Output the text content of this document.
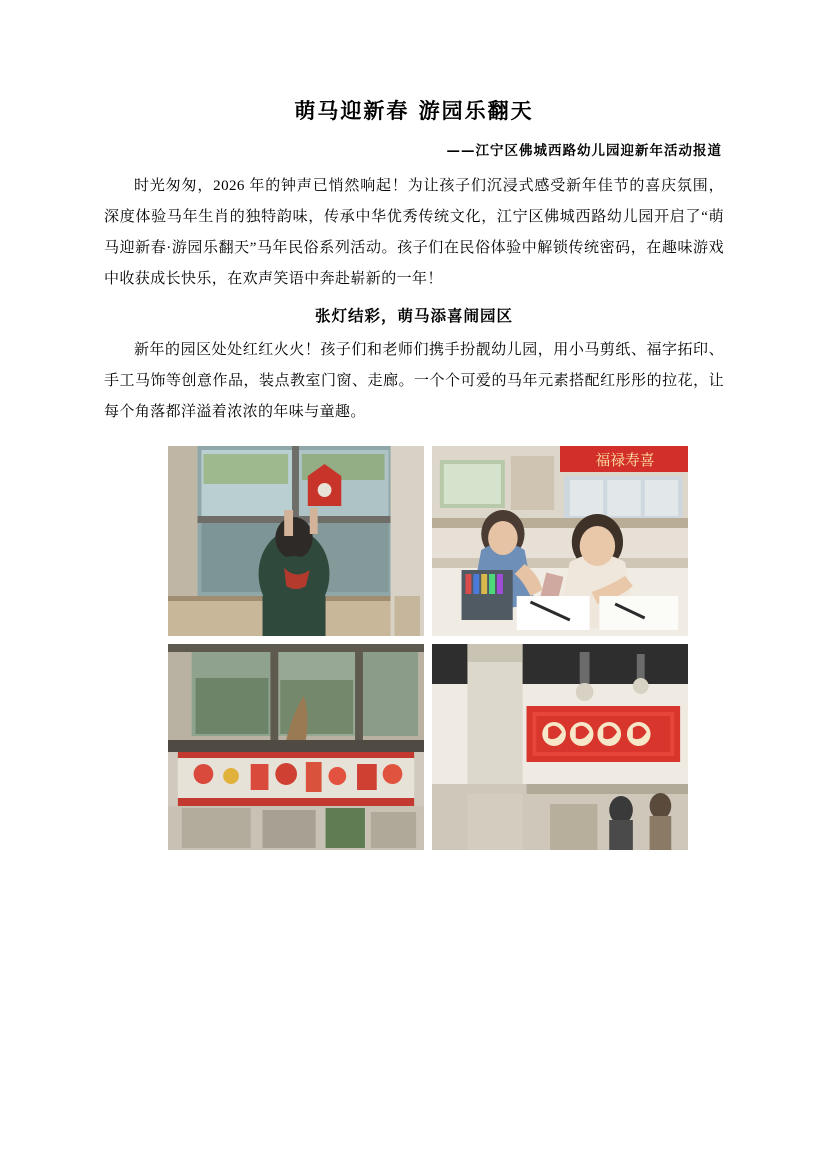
萌马迎新春 游园乐翻天
——江宁区佛城西路幼儿园迎新年活动报道

时光匆匆，2026 年的钟声已悄然响起！为让孩子们沉浸式感受新年佳节的喜庆氛围，深度体验马年生肖的独特韵味，传承中华优秀传统文化，江宁区佛城西路幼儿园开启了“萌马迎新春·游园乐翻天”马年民俗系列活动。孩子们在民俗体验中解锁传统密码，在趣味游戏中收获成长快乐，在欢声笑语中奔赴崭新的一年！

张灯结彩，萌马添喜闹园区

新年的园区处处红红火火！孩子们和老师们携手扮靓幼儿园，用小马剪纸、福字拓印、手工马饰等创意作品，装点教室门窗、走廊。一个个可爱的马年元素搭配红彤彤的拉花，让每个角落都洋溢着浓浓的年味与童趣。

福禄寿喜
